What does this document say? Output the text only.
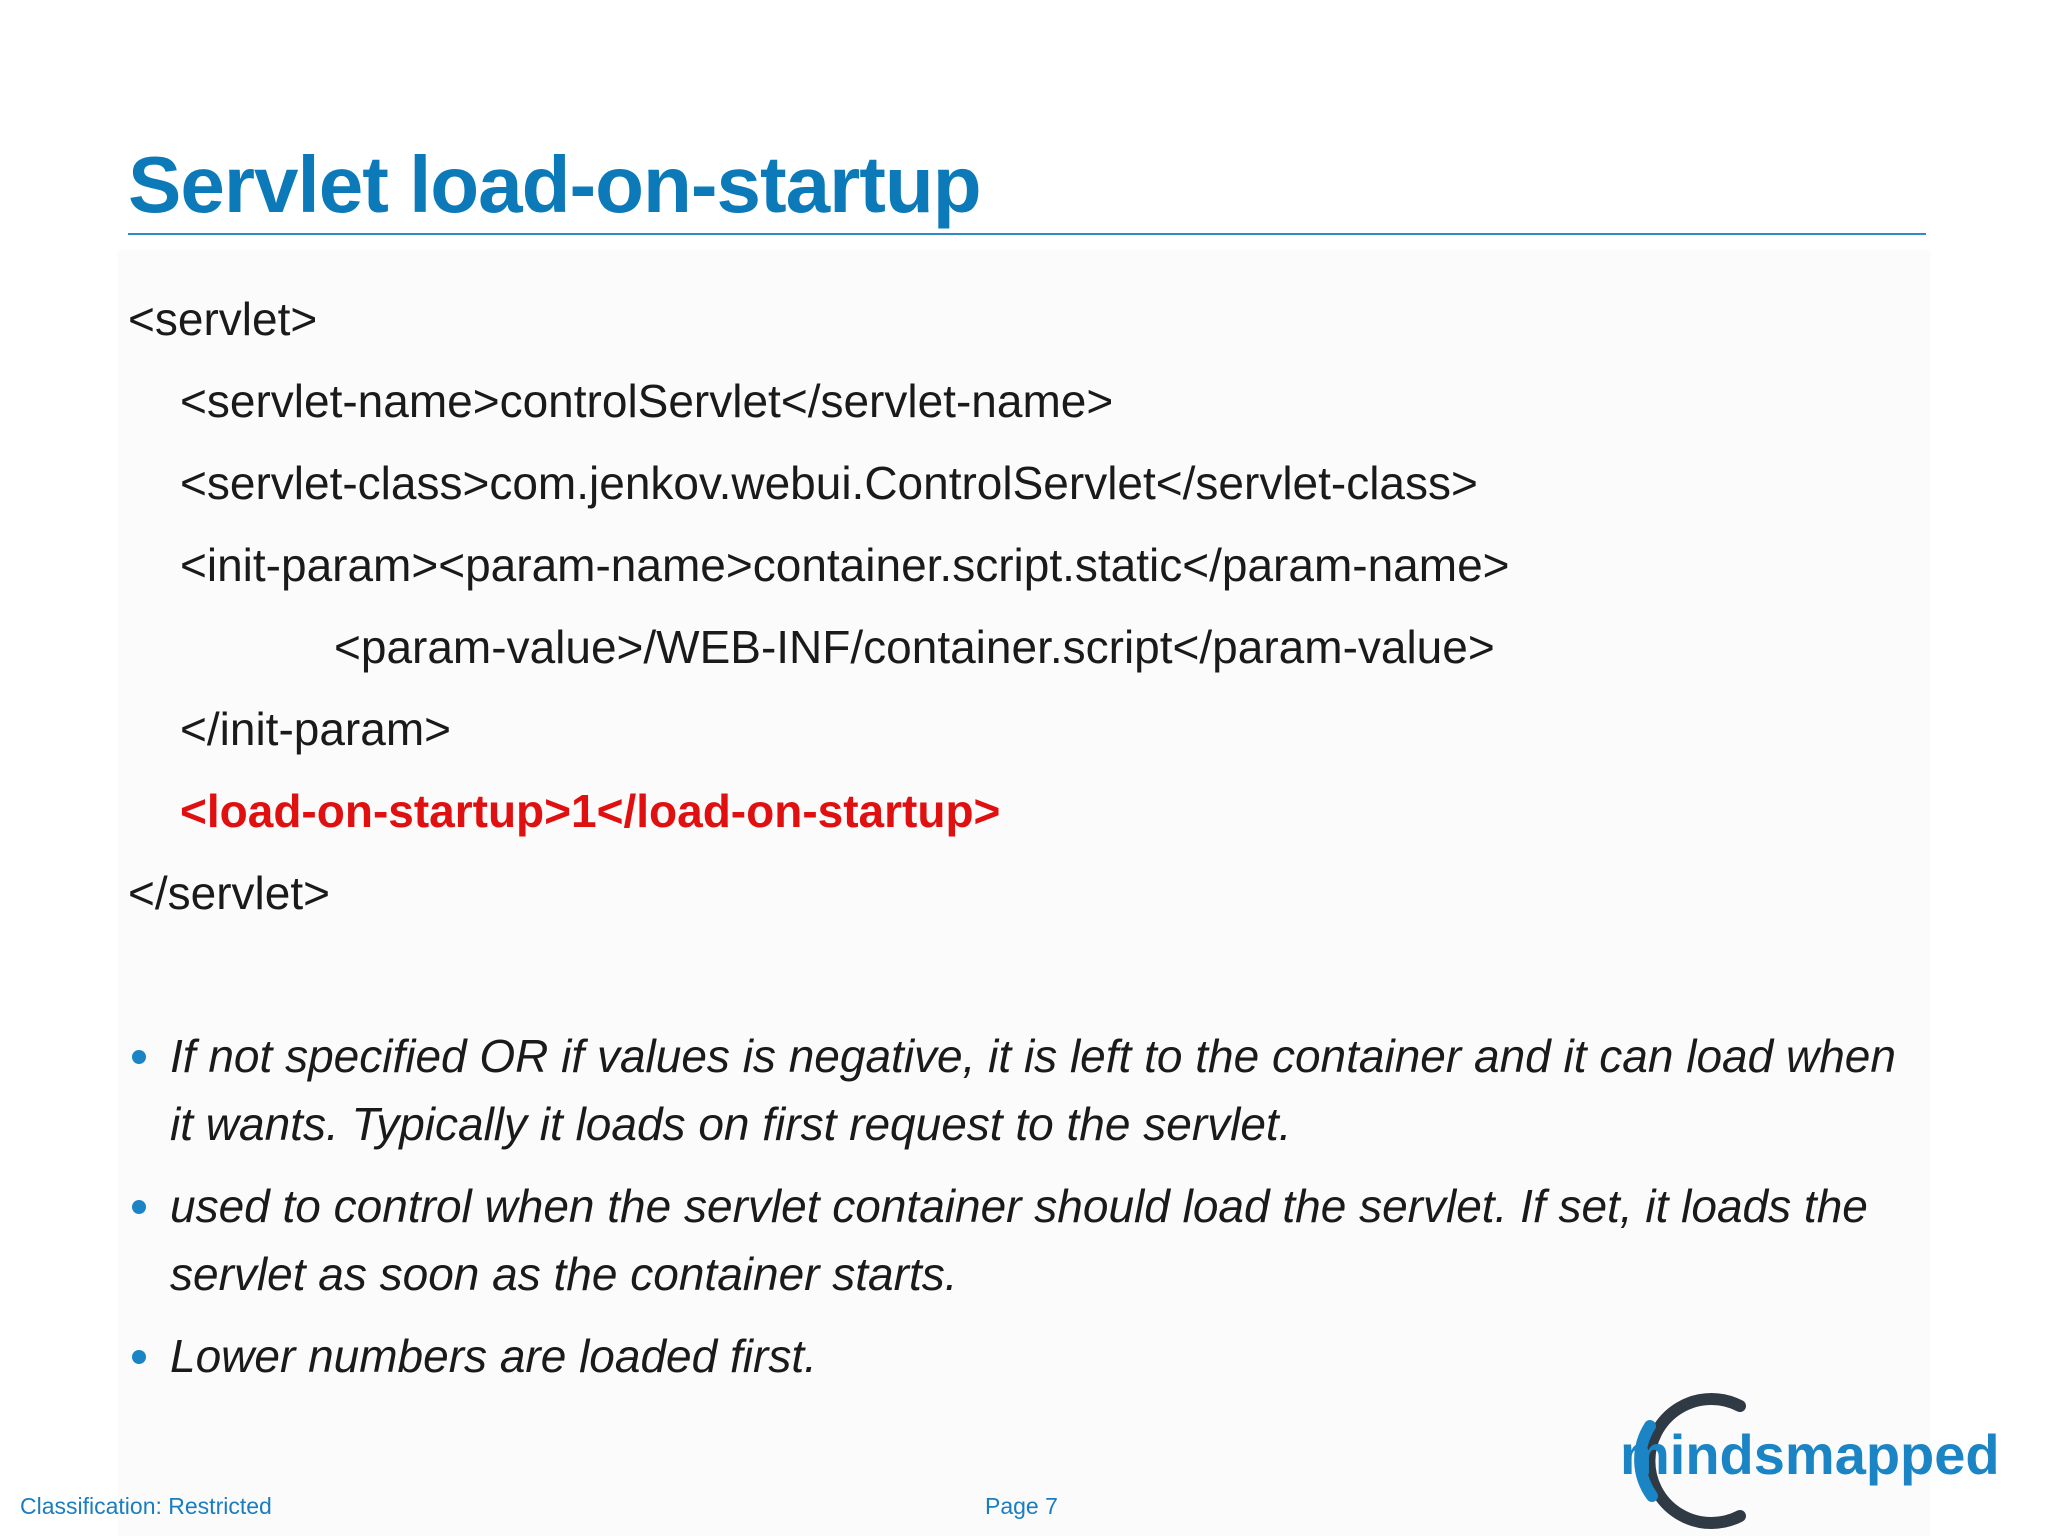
Servlet load-on-startup
<servlet>
<servlet-name>controlServlet</servlet-name>
<servlet-class>com.jenkov.webui.ControlServlet</servlet-class>
<init-param><param-name>container.script.static</param-name>
<param-value>/WEB-INF/container.script</param-value>
</init-param>
<load-on-startup>1</load-on-startup>
</servlet>
If not specified OR if values is negative, it is left to the container and it can load when it wants. Typically it loads on first request to the servlet.
used to control when the servlet container should load the servlet. If set, it loads the servlet as soon as the container starts.
Lower numbers are loaded first.
Classification: Restricted	Page 7
mindsmapped
